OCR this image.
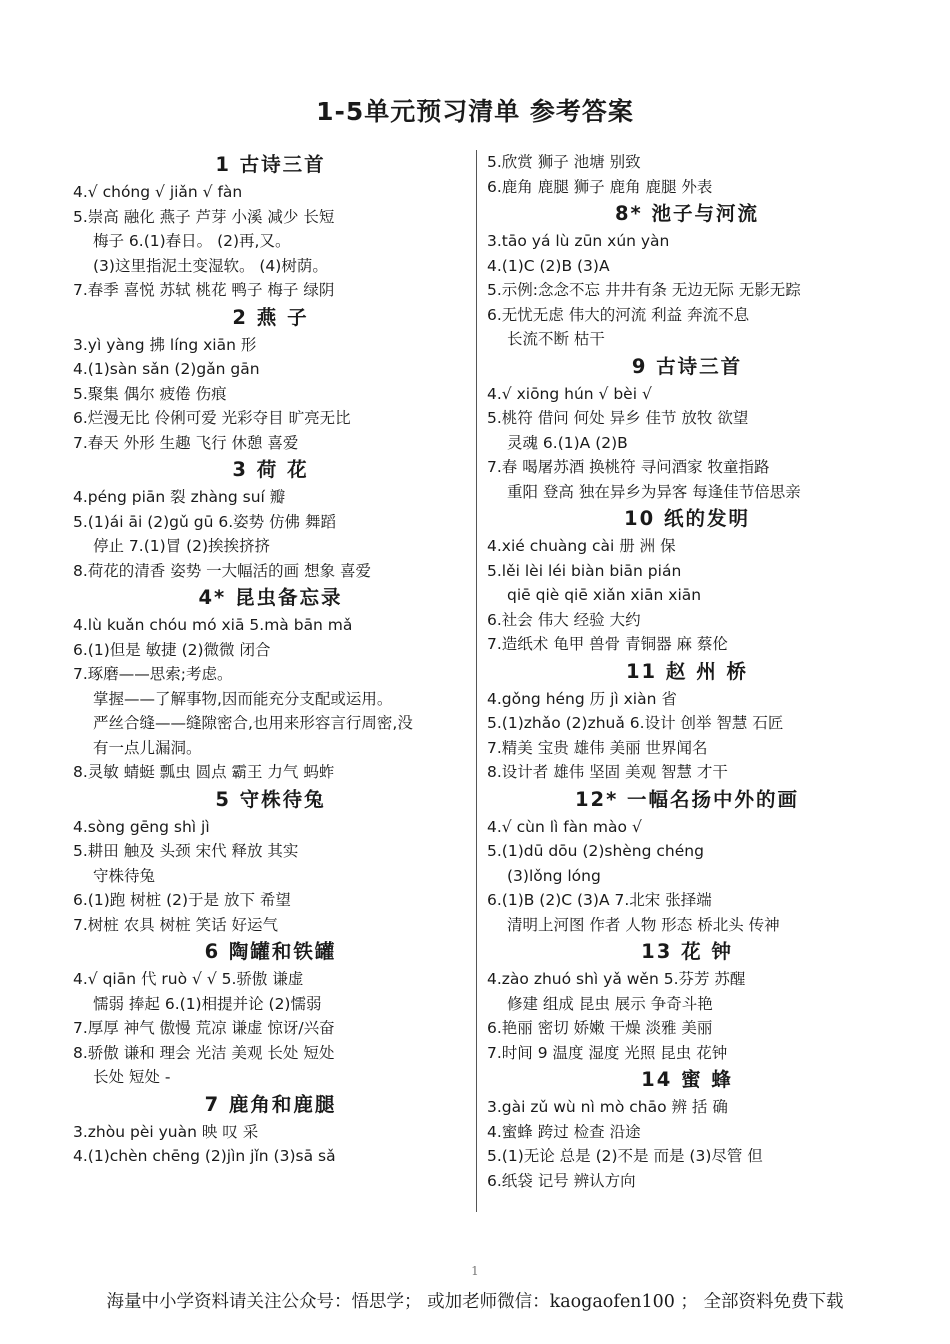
1-5单元预习清单 参考答案
1 古诗三首
4.√ chóng √ jiǎn √ fàn
5.崇高 融化 燕子 芦芽 小溪 减少 长短
梅子 6.(1)春日。 (2)再,又。
(3)这里指泥土变湿软。 (4)树荫。
7.春季 喜悦 苏轼 桃花 鸭子 梅子 绿阴
2 燕 子
3.yì yàng 拂 líng xiān 形
4.(1)sàn sǎn (2)gǎn gān
5.聚集 偶尔 疲倦 伤痕
6.烂漫无比 伶俐可爱 光彩夺目 旷亮无比
7.春天 外形 生趣 飞行 休憩 喜爱
3 荷 花
4.péng piān 裂 zhàng suí 瓣
5.(1)ái āi (2)gǔ gū 6.姿势 仿佛 舞蹈
停止 7.(1)冒 (2)挨挨挤挤
8.荷花的清香 姿势 一大幅活的画 想象 喜爱
4* 昆虫备忘录
4.lù kuǎn chóu mó xiā 5.mà bān mǎ
6.(1)但是 敏捷 (2)微微 闭合
7.琢磨——思索;考虑。
掌握——了解事物,因而能充分支配或运用。
严丝合缝——缝隙密合,也用来形容言行周密,没
有一点儿漏洞。
8.灵敏 蜻蜓 瓢虫 圆点 霸王 力气 蚂蚱
5 守株待兔
4.sòng gēng shì jì
5.耕田 触及 头颈 宋代 释放 其实
守株待兔
6.(1)跑 树桩 (2)于是 放下 希望
7.树桩 农具 树桩 笑话 好运气
6 陶罐和铁罐
4.√ qiān 代 ruò √ √ 5.骄傲 谦虚
懦弱 捧起 6.(1)相提并论 (2)懦弱
7.厚厚 神气 傲慢 荒凉 谦虚 惊讶/兴奋
8.骄傲 谦和 理会 光洁 美观 长处 短处
长处 短处 -
7 鹿角和鹿腿
3.zhòu pèi yuàn 映 叹 采
4.(1)chèn chēng (2)jìn jǐn (3)sā sǎ
5.欣赏 狮子 池塘 别致
6.鹿角 鹿腿 狮子 鹿角 鹿腿 外表
8* 池子与河流
3.tāo yá lù zūn xún yàn
4.(1)C (2)B (3)A
5.示例:念念不忘 井井有条 无边无际 无影无踪
6.无忧无虑 伟大的河流 利益 奔流不息
长流不断 枯干
9 古诗三首
4.√ xiōng hún √ bèi √
5.桃符 借问 何处 异乡 佳节 放牧 欲望
灵魂 6.(1)A (2)B
7.春 喝屠苏酒 换桃符 寻问酒家 牧童指路
重阳 登高 独在异乡为异客 每逢佳节倍思亲
10 纸的发明
4.xié chuàng cài 册 洲 保
5.lěi lèi léi biàn biān pián
qiē qiè qiē xiǎn xiān xiān
6.社会 伟大 经验 大约
7.造纸术 龟甲 兽骨 青铜器 麻 蔡伦
11 赵 州 桥
4.gǒng héng 历 jì xiàn 省
5.(1)zhǎo (2)zhuǎ 6.设计 创举 智慧 石匠
7.精美 宝贵 雄伟 美丽 世界闻名
8.设计者 雄伟 坚固 美观 智慧 才干
12* 一幅名扬中外的画
4.√ cùn lì fàn mào √
5.(1)dū dōu (2)shèng chéng
(3)lǒng lóng
6.(1)B (2)C (3)A 7.北宋 张择端
清明上河图 作者 人物 形态 桥北头 传神
13 花 钟
4.zào zhuó shì yǎ wěn 5.芬芳 苏醒
修建 组成 昆虫 展示 争奇斗艳
6.艳丽 密切 娇嫩 干燥 淡雅 美丽
7.时间 9 温度 湿度 光照 昆虫 花钟
14 蜜 蜂
3.gài zǔ wù nì mò chāo 辨 括 确
4.蜜蜂 跨过 检查 沿途
5.(1)无论 总是 (2)不是 而是 (3)尽管 但
6.纸袋 记号 辨认方向
1
海量中小学资料请关注公众号：悟思学； 或加老师微信：kaogaofen100 ； 全部资料免费下载
